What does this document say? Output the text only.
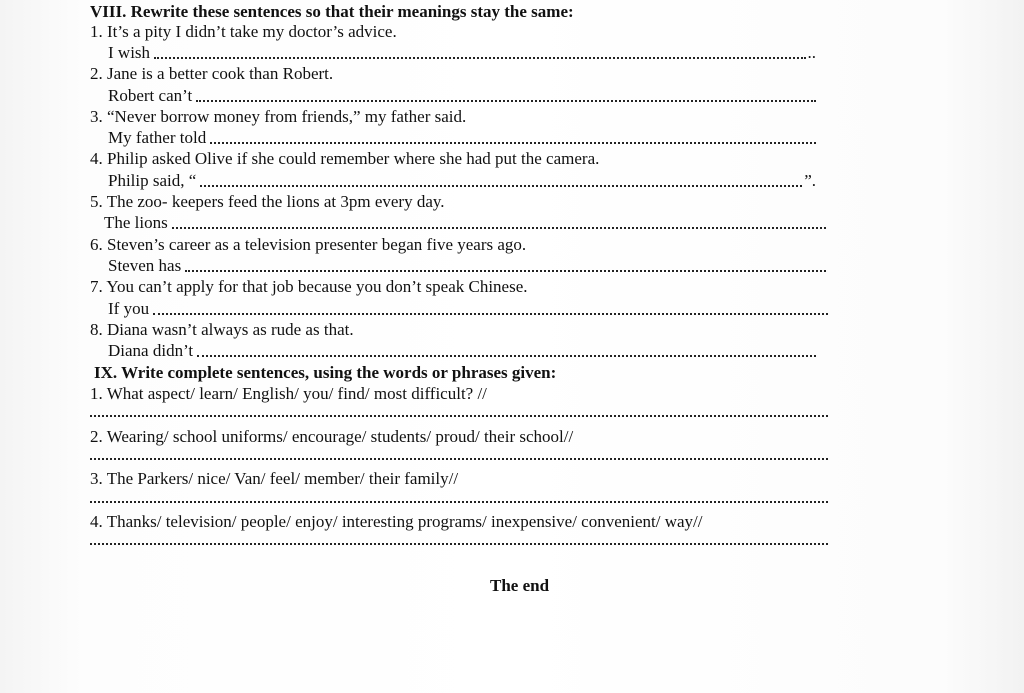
VIII. Rewrite these sentences so that their meanings stay the same:
1. It’s a pity I didn’t take my doctor’s advice.
I wish	..
2. Jane is a better cook than Robert.
Robert can’t
3. “Never borrow money from friends,” my father said.
My father told
4. Philip asked Olive if she could remember where she had put the camera.
Philip said, “	”.
5. The zoo- keepers feed the lions at 3pm every day.
The lions
6. Steven’s career as a television presenter began five years ago.
Steven has
7. You can’t apply for that job because you don’t speak Chinese.
If you
8. Diana wasn’t always as rude as that.
Diana didn’t
IX. Write complete sentences, using the words or phrases given:
1. What aspect/ learn/ English/ you/ find/ most difficult? //
2. Wearing/ school uniforms/ encourage/ students/ proud/ their school//
3. The Parkers/ nice/ Van/ feel/ member/ their family//
4. Thanks/ television/ people/ enjoy/ interesting programs/ inexpensive/ convenient/ way//
The end
